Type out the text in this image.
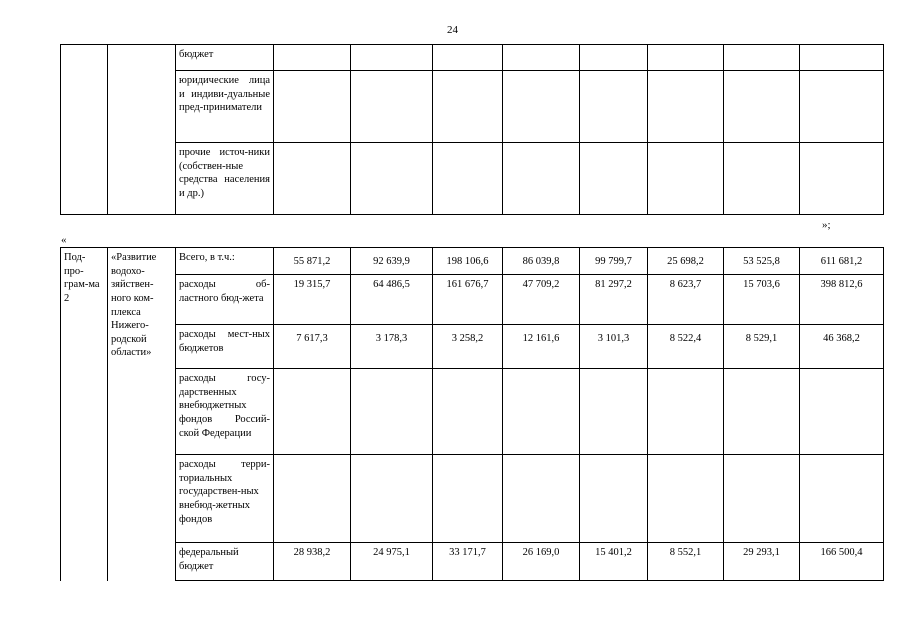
24
		бюджет								
		юридические лица и индиви-дуальные пред-приниматели								
		прочие источ-ники (собствен-ные средства населения и др.)								
»;
«
Под-про-грам-ма 2	«Развитие водохо-зяйствен-ного ком-плекса Нижего-родской области»	Всего, в т.ч.:	55 871,2	92 639,9	198 106,6	86 039,8	99 799,7	25 698,2	53 525,8	611 681,2
		расходы об-ластного бюд-жета	19 315,7	64 486,5	161 676,7	47 709,2	81 297,2	8 623,7	15 703,6	398 812,6
		расходы мест-ных бюджетов	7 617,3	3 178,3	3 258,2	12 161,6	3 101,3	8 522,4	8 529,1	46 368,2
		расходы госу-дарственных внебюджетных фондов Россий-ской Федерации								
		расходы терри-ториальных государствен-ных внебюд-жетных фондов								
		федеральный бюджет	28 938,2	24 975,1	33 171,7	26 169,0	15 401,2	8 552,1	29 293,1	166 500,4
